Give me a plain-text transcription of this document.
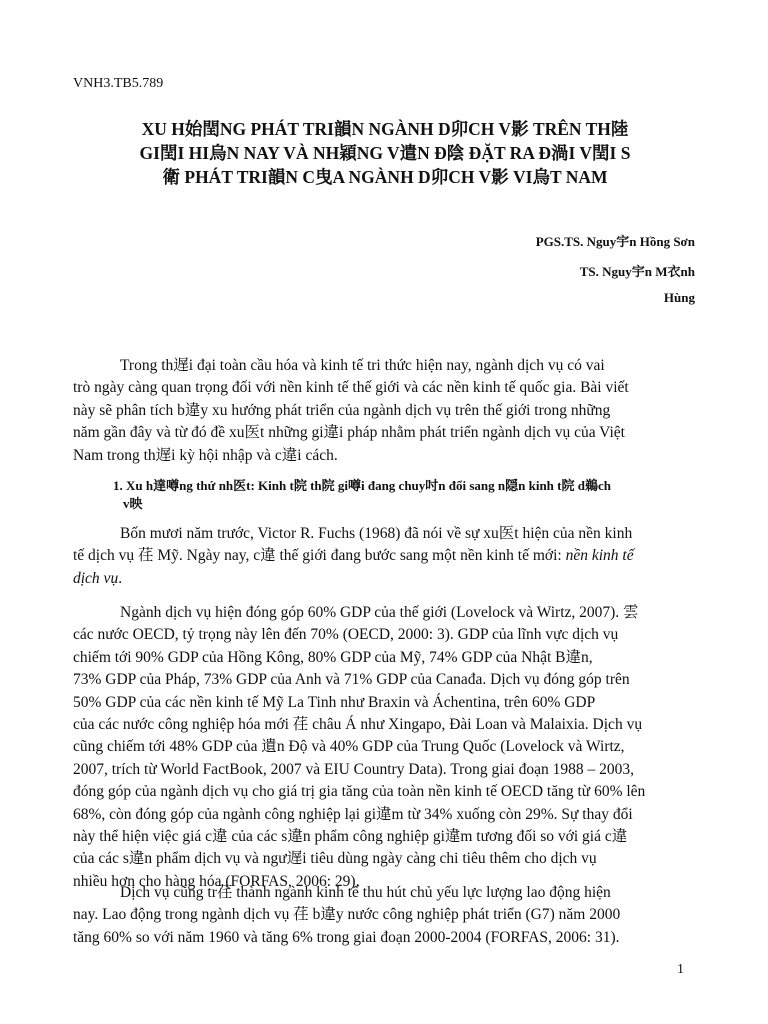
VNH3.TB5.789
XU H始閏NG PHÁT TRI韻N NGÀNH D卯CH V影 TRÊN TH陸
GI閏I HI烏N NAY VÀ NH穎NG V遣N Đ陰 ĐẶT RA Đ渦I V閏I S
衛 PHÁT TRI韻N C曳A NGÀNH D卯CH V影 VI烏T NAM
PGS.TS. Nguy宇n Hồng Sơn
TS. Nguy宇n M衣nh
Hùng

Trong th遅i đại toàn cầu hóa và kinh tế tri thức hiện nay, ngành dịch vụ có vai
trò ngày càng quan trọng đối với nền kinh tế thế giới và các nền kinh tế quốc gia. Bài viết
này sẽ phân tích b違y xu hướng phát triển của ngành dịch vụ trên thế giới trong những
năm gần đây và từ đó đề xu医t những gi違i pháp nhằm phát triển ngành dịch vụ của Việt
Nam trong th遅i kỳ hội nhập và c違i cách.

1. Xu h達噂ng thứ nh医t: Kinh t院 th院 gi噂i đang chuy吋n đổi sang n隠n kinh t院 d鵜ch
v映

Bốn mươi năm trước, Victor R. Fuchs (1968) đã nói về sự xu医t hiện của nền kinh
tế dịch vụ 荏 Mỹ. Ngày nay, c違 thế giới đang bước sang một nền kinh tế mới: nền kinh tế
dịch vụ.

Ngành dịch vụ hiện đóng góp 60% GDP của thế giới (Lovelock và Wirtz, 2007). 雲
các nước OECD, tỷ trọng này lên đến 70% (OECD, 2000: 3). GDP của lĩnh vực dịch vụ
chiếm tới 90% GDP của Hồng Kông, 80% GDP của Mỹ, 74% GDP của Nhật B違n,
73% GDP của Pháp, 73% GDP của Anh và 71% GDP của Canađa. Dịch vụ đóng góp trên
50% GDP của các nền kinh tế Mỹ La Tinh như Braxin và Áchentina, trên 60% GDP
của các nước công nghiệp hóa mới 荏 châu Á như Xingapo, Đài Loan và Malaixia. Dịch vụ
cũng chiếm tới 48% GDP của 遺n Độ và 40% GDP của Trung Quốc (Lovelock và Wirtz,
2007, trích từ World FactBook, 2007 và EIU Country Data). Trong giai đoạn 1988 – 2003,
đóng góp của ngành dịch vụ cho giá trị gia tăng của toàn nền kinh tế OECD tăng từ 60% lên
68%, còn đóng góp của ngành công nghiệp lại gi違m từ 34% xuống còn 29%. Sự thay đổi
này thể hiện việc giá c違 của các s違n phẩm công nghiệp gi違m tương đối so với giá c違
của các s違n phẩm dịch vụ và ngư遅i tiêu dùng ngày càng chi tiêu thêm cho dịch vụ
nhiều hơn cho hàng hóa (FORFAS, 2006: 29).

Dịch vụ cũng tr荏 thành ngành kinh tế thu hút chủ yếu lực lượng lao động hiện
nay. Lao động trong ngành dịch vụ 荏 b違y nước công nghiệp phát triển (G7) năm 2000
tăng 60% so với năm 1960 và tăng 6% trong giai đoạn 2000-2004 (FORFAS, 2006: 31).

1
